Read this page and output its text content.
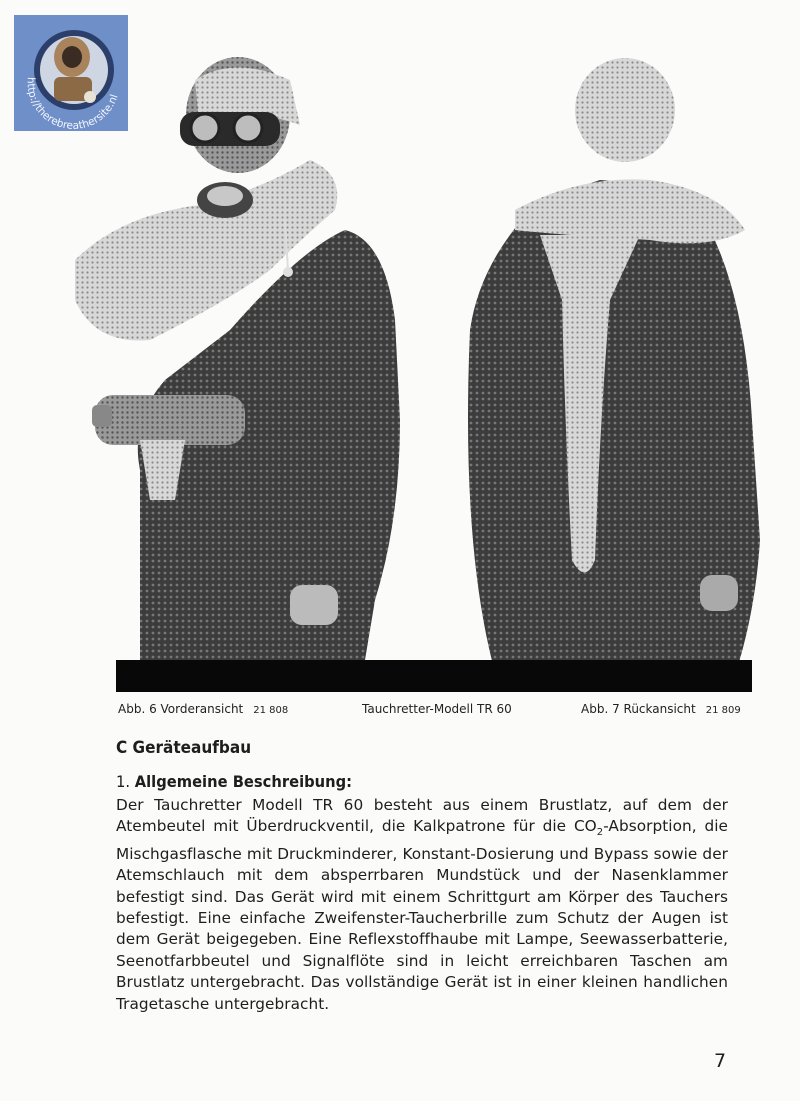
http://therebreathersite.nl
Abb. 6 Vorderansicht 21 808	Tauchretter-Modell TR 60	Abb. 7 Rückansicht 21 809
C Geräteaufbau
1. Allgemeine Beschreibung:
Der Tauchretter Modell TR 60 besteht aus einem Brustlatz, auf dem der Atembeutel mit Überdruckventil, die Kalkpatrone für die $CO_2$-Absorption, die Mischgasflasche mit Druckminderer, Konstant-Dosierung und Bypass sowie der Atemschlauch mit dem absperrbaren Mundstück und der Nasenklammer befestigt sind. Das Gerät wird mit einem Schrittgurt am Körper des Tauchers befestigt. Eine einfache Zweifenster-Taucherbrille zum Schutz der Augen ist dem Gerät beigegeben. Eine Reflexstoffhaube mit Lampe, Seewasserbatterie, Seenotfarbbeutel und Signalflöte sind in leicht erreichbaren Taschen am Brustlatz untergebracht. Das vollständige Gerät ist in einer kleinen handlichen Tragetasche untergebracht.
7
